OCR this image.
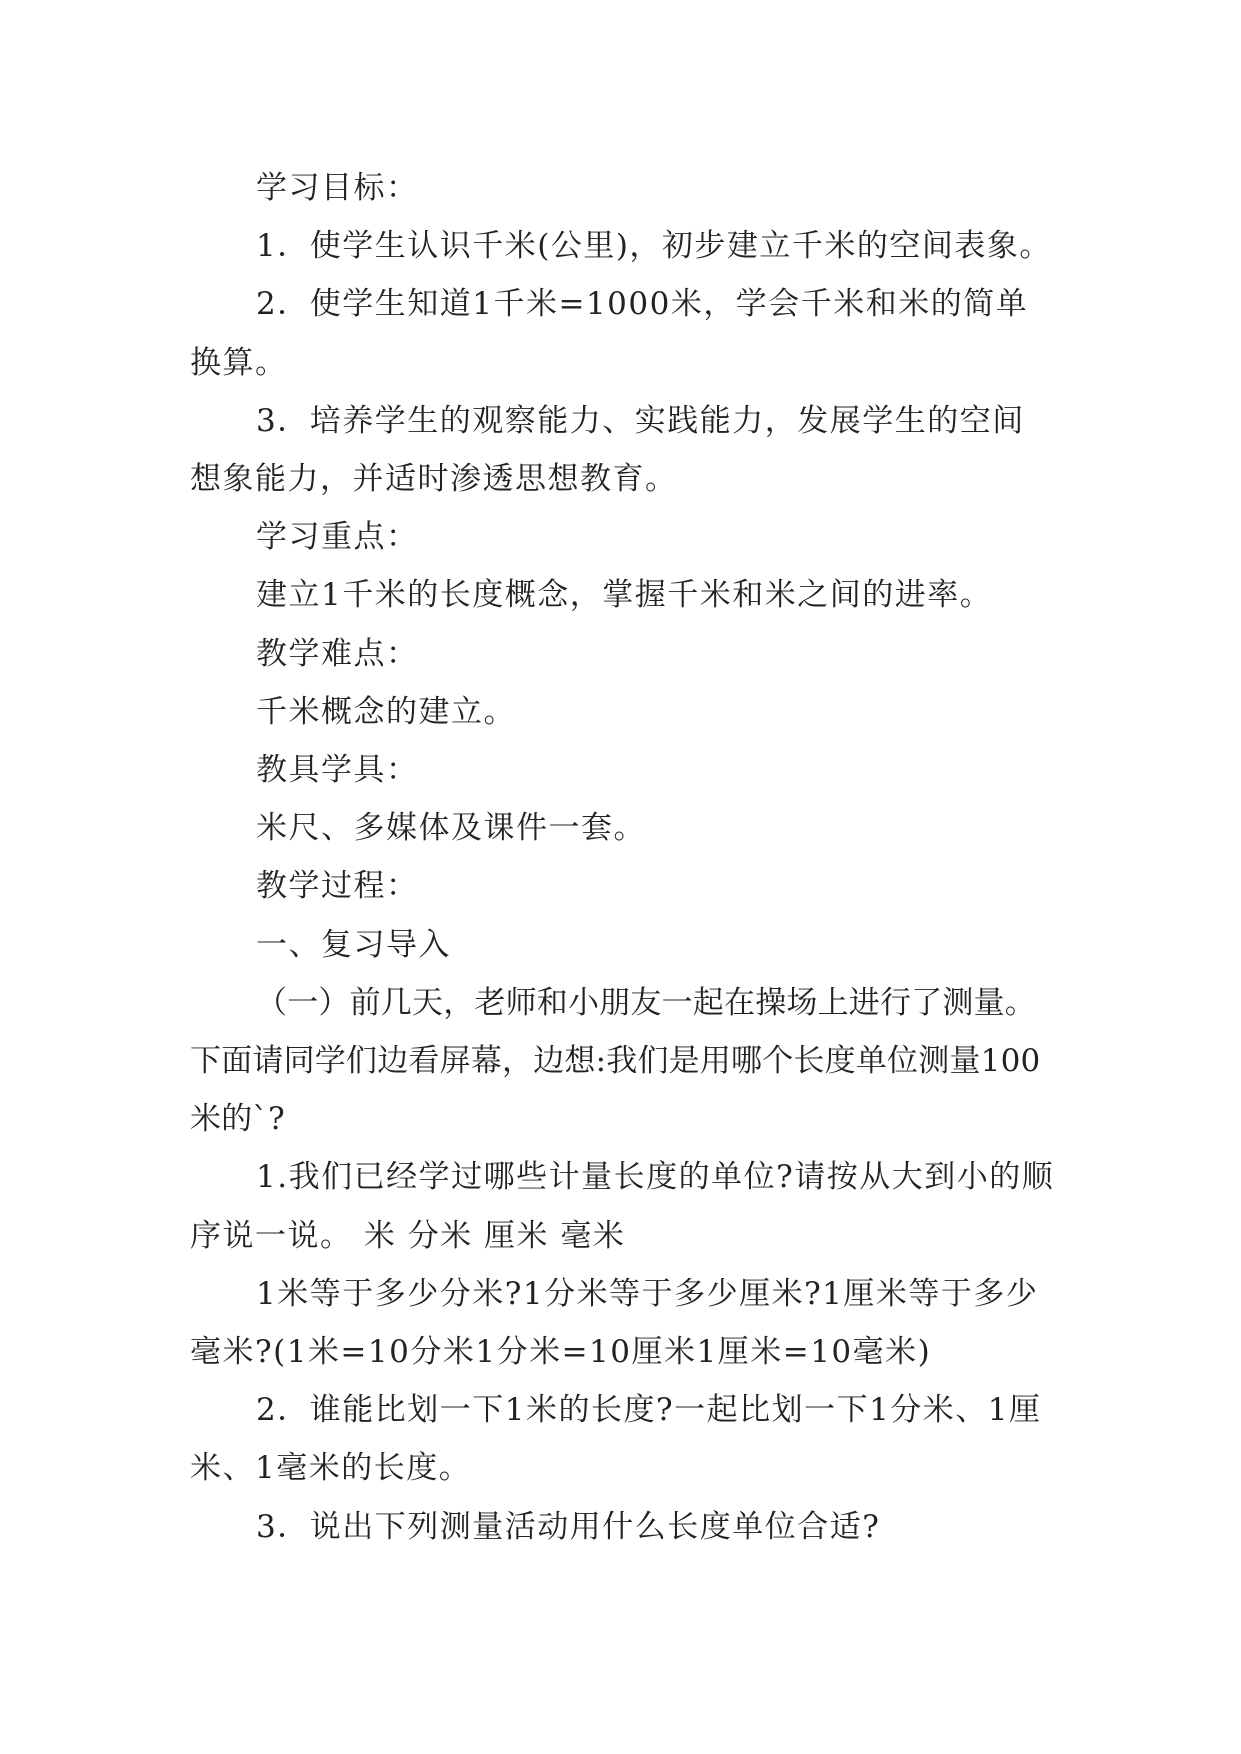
学习目标：

1．使学生认识千米(公里)，初步建立千米的空间表象。

2．使学生知道1千米=1000米，学会千米和米的简单换算。

3．培养学生的观察能力、实践能力，发展学生的空间想象能力，并适时渗透思想教育。

学习重点：

建立1千米的长度概念，掌握千米和米之间的进率。

教学难点：

千米概念的建立。

教具学具：

米尺、多媒体及课件一套。

教学过程：

一、复习导入

（一）前几天，老师和小朋友一起在操场上进行了测量。下面请同学们边看屏幕，边想:我们是用哪个长度单位测量100米的`?

1.我们已经学过哪些计量长度的单位?请按从大到小的顺序说一说。 米 分米 厘米 毫米

1米等于多少分米?1分米等于多少厘米?1厘米等于多少毫米?(1米=10分米1分米=10厘米1厘米=10毫米)

2．谁能比划一下1米的长度?一起比划一下1分米、1厘米、1毫米的长度。

3．说出下列测量活动用什么长度单位合适?
